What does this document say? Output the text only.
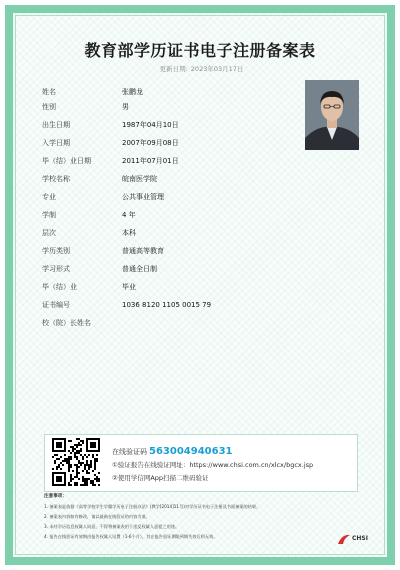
教育部学历证书电子注册备案表
更新日期: 2023年03月17日
姓名	张鹏龙
性别	男
出生日期	1987年04月10日
入学日期	2007年09月08日
毕（结）业日期	2011年07月01日
学校名称	皖南医学院
专业	公共事业管理
学制	4 年
层次	本科
学历类别	普通高等教育
学习形式	普通全日制
毕（结）业	毕业
证书编号	1036 8120 1105 0015 79
校（院）长姓名
在线验证码 563004940631
①验证报告在线验证网址：https://www.chsi.com.cn/xlcx/bgcx.jsp
②使用学信网App扫描二维码验证
注意事项：
1. 备案表是依据《高等学校学生学籍学历电子注册办法》(教学[2014]11号)对学历证书电子注册及书面备案的结果。
2. 备案表内容如有修改，请以最新在线验证的内容为准。
3. 未经学历信息权属人同意，不得将备案表用于违反权属人意愿之用途。
4. 报告在线验证有效期由报告权属人设置（1-6个月），其在报告验证期限到期失效后则无效。	CHSI
